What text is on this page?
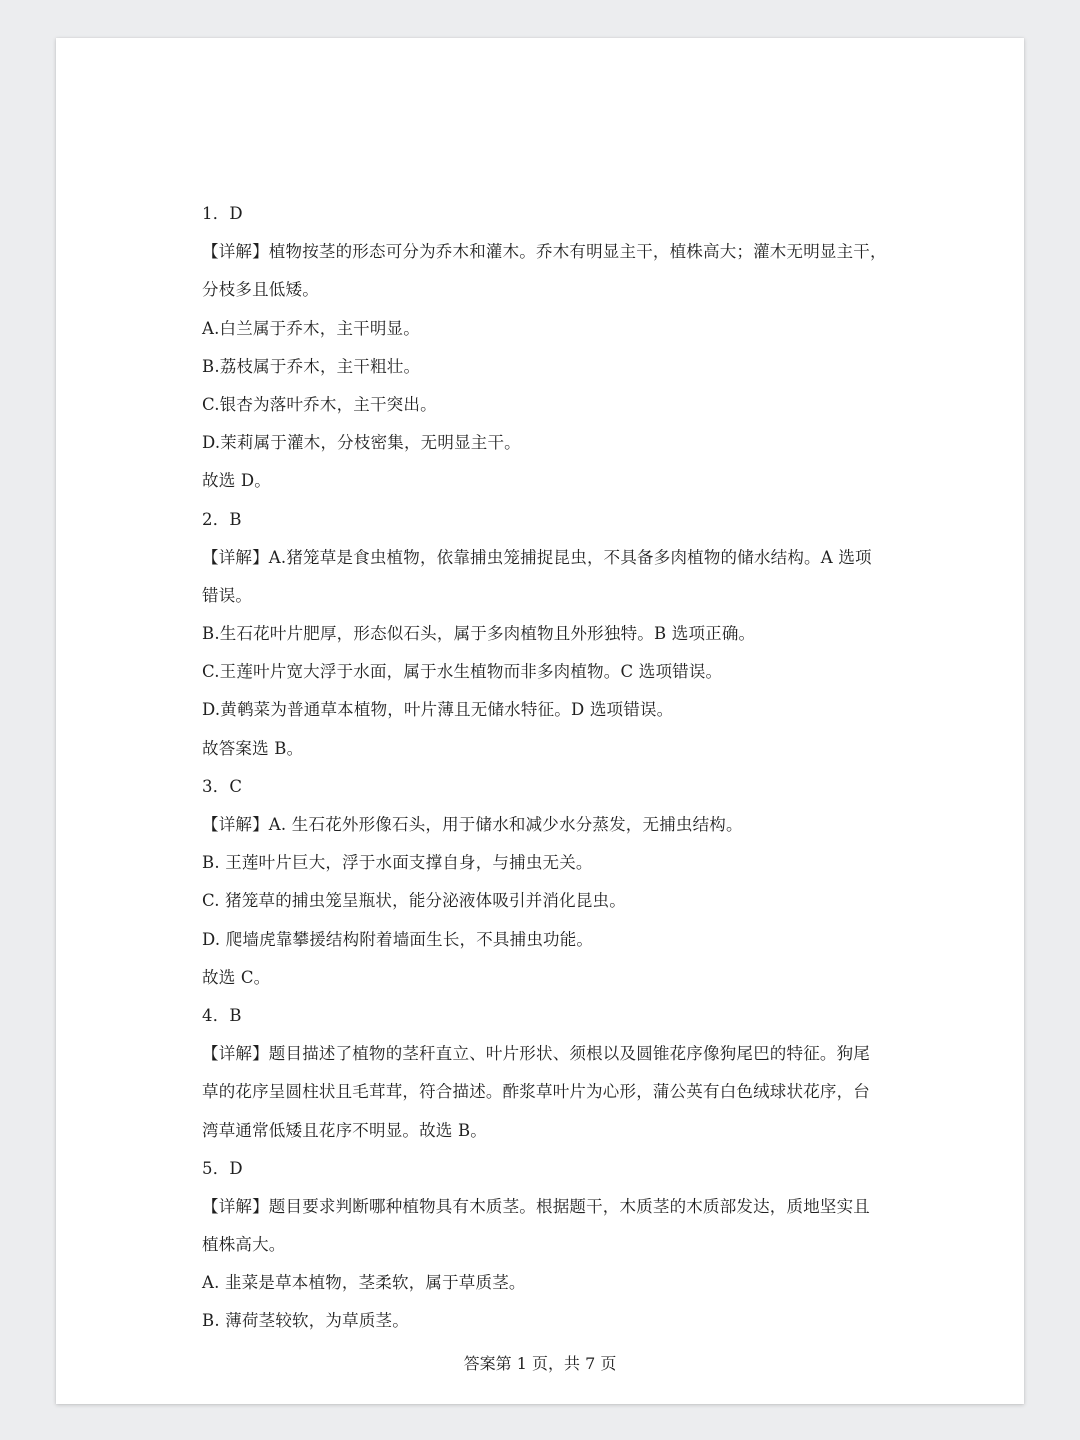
1．D
【详解】植物按茎的形态可分为乔木和灌木。乔木有明显主干，植株高大；灌木无明显主干，
分枝多且低矮。
A.白兰属于乔木，主干明显。
B.荔枝属于乔木，主干粗壮。
C.银杏为落叶乔木，主干突出。
D.茉莉属于灌木，分枝密集，无明显主干。
故选 D。
2．B
【详解】A.猪笼草是食虫植物，依靠捕虫笼捕捉昆虫，不具备多肉植物的储水结构。A 选项
错误。
B.生石花叶片肥厚，形态似石头，属于多肉植物且外形独特。B 选项正确。
C.王莲叶片宽大浮于水面，属于水生植物而非多肉植物。C 选项错误。
D.黄鹌菜为普通草本植物，叶片薄且无储水特征。D 选项错误。
故答案选 B。
3．C
【详解】A. 生石花外形像石头，用于储水和减少水分蒸发，无捕虫结构。
B. 王莲叶片巨大，浮于水面支撑自身，与捕虫无关。
C. 猪笼草的捕虫笼呈瓶状，能分泌液体吸引并消化昆虫。
D. 爬墙虎靠攀援结构附着墙面生长，不具捕虫功能。
故选 C。
4．B
【详解】题目描述了植物的茎秆直立、叶片形状、须根以及圆锥花序像狗尾巴的特征。狗尾
草的花序呈圆柱状且毛茸茸，符合描述。酢浆草叶片为心形，蒲公英有白色绒球状花序，台
湾草通常低矮且花序不明显。故选 B。
5．D
【详解】题目要求判断哪种植物具有木质茎。根据题干，木质茎的木质部发达，质地坚实且
植株高大。
A. 韭菜是草本植物，茎柔软，属于草质茎。
B. 薄荷茎较软，为草质茎。
答案第 1 页，共 7 页
